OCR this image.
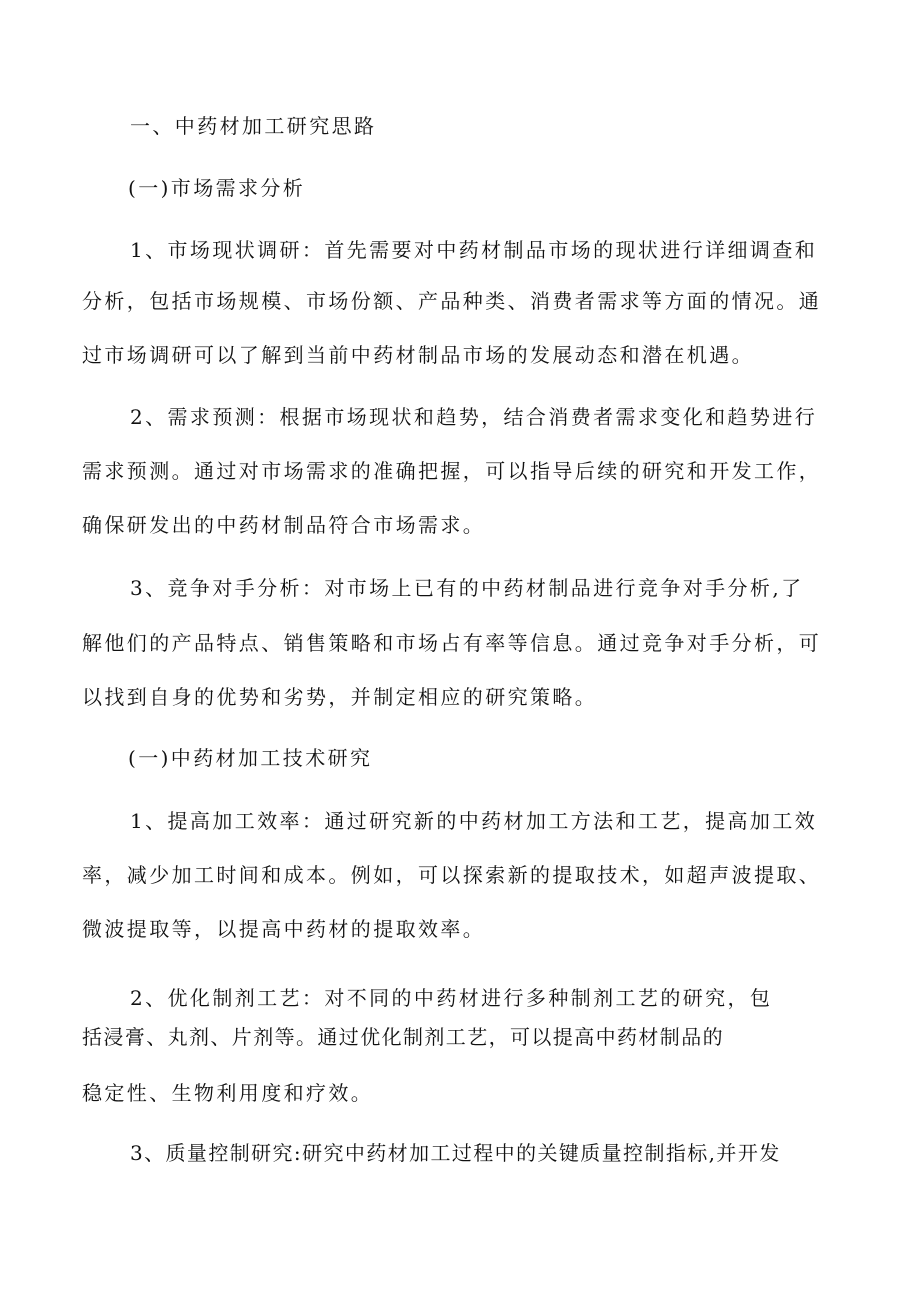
一、中药材加工研究思路
(一)市场需求分析
1、市场现状调研：首先需要对中药材制品市场的现状进行详细调查和
分析，包括市场规模、市场份额、产品种类、消费者需求等方面的情况。通
过市场调研可以了解到当前中药材制品市场的发展动态和潜在机遇。
2、需求预测：根据市场现状和趋势，结合消费者需求变化和趋势进行
需求预测。通过对市场需求的准确把握，可以指导后续的研究和开发工作，
确保研发出的中药材制品符合市场需求。
3、竞争对手分析：对市场上已有的中药材制品进行竞争对手分析,了
解他们的产品特点、销售策略和市场占有率等信息。通过竞争对手分析，可
以找到自身的优势和劣势，并制定相应的研究策略。
(一)中药材加工技术研究
1、提高加工效率：通过研究新的中药材加工方法和工艺，提高加工效
率，减少加工时间和成本。例如，可以探索新的提取技术，如超声波提取、
微波提取等，以提高中药材的提取效率。
2、优化制剂工艺：对不同的中药材进行多种制剂工艺的研究，包
括浸膏、丸剂、片剂等。通过优化制剂工艺，可以提高中药材制品的
稳定性、生物利用度和疗效。
3、质量控制研究:研究中药材加工过程中的关键质量控制指标,并开发
